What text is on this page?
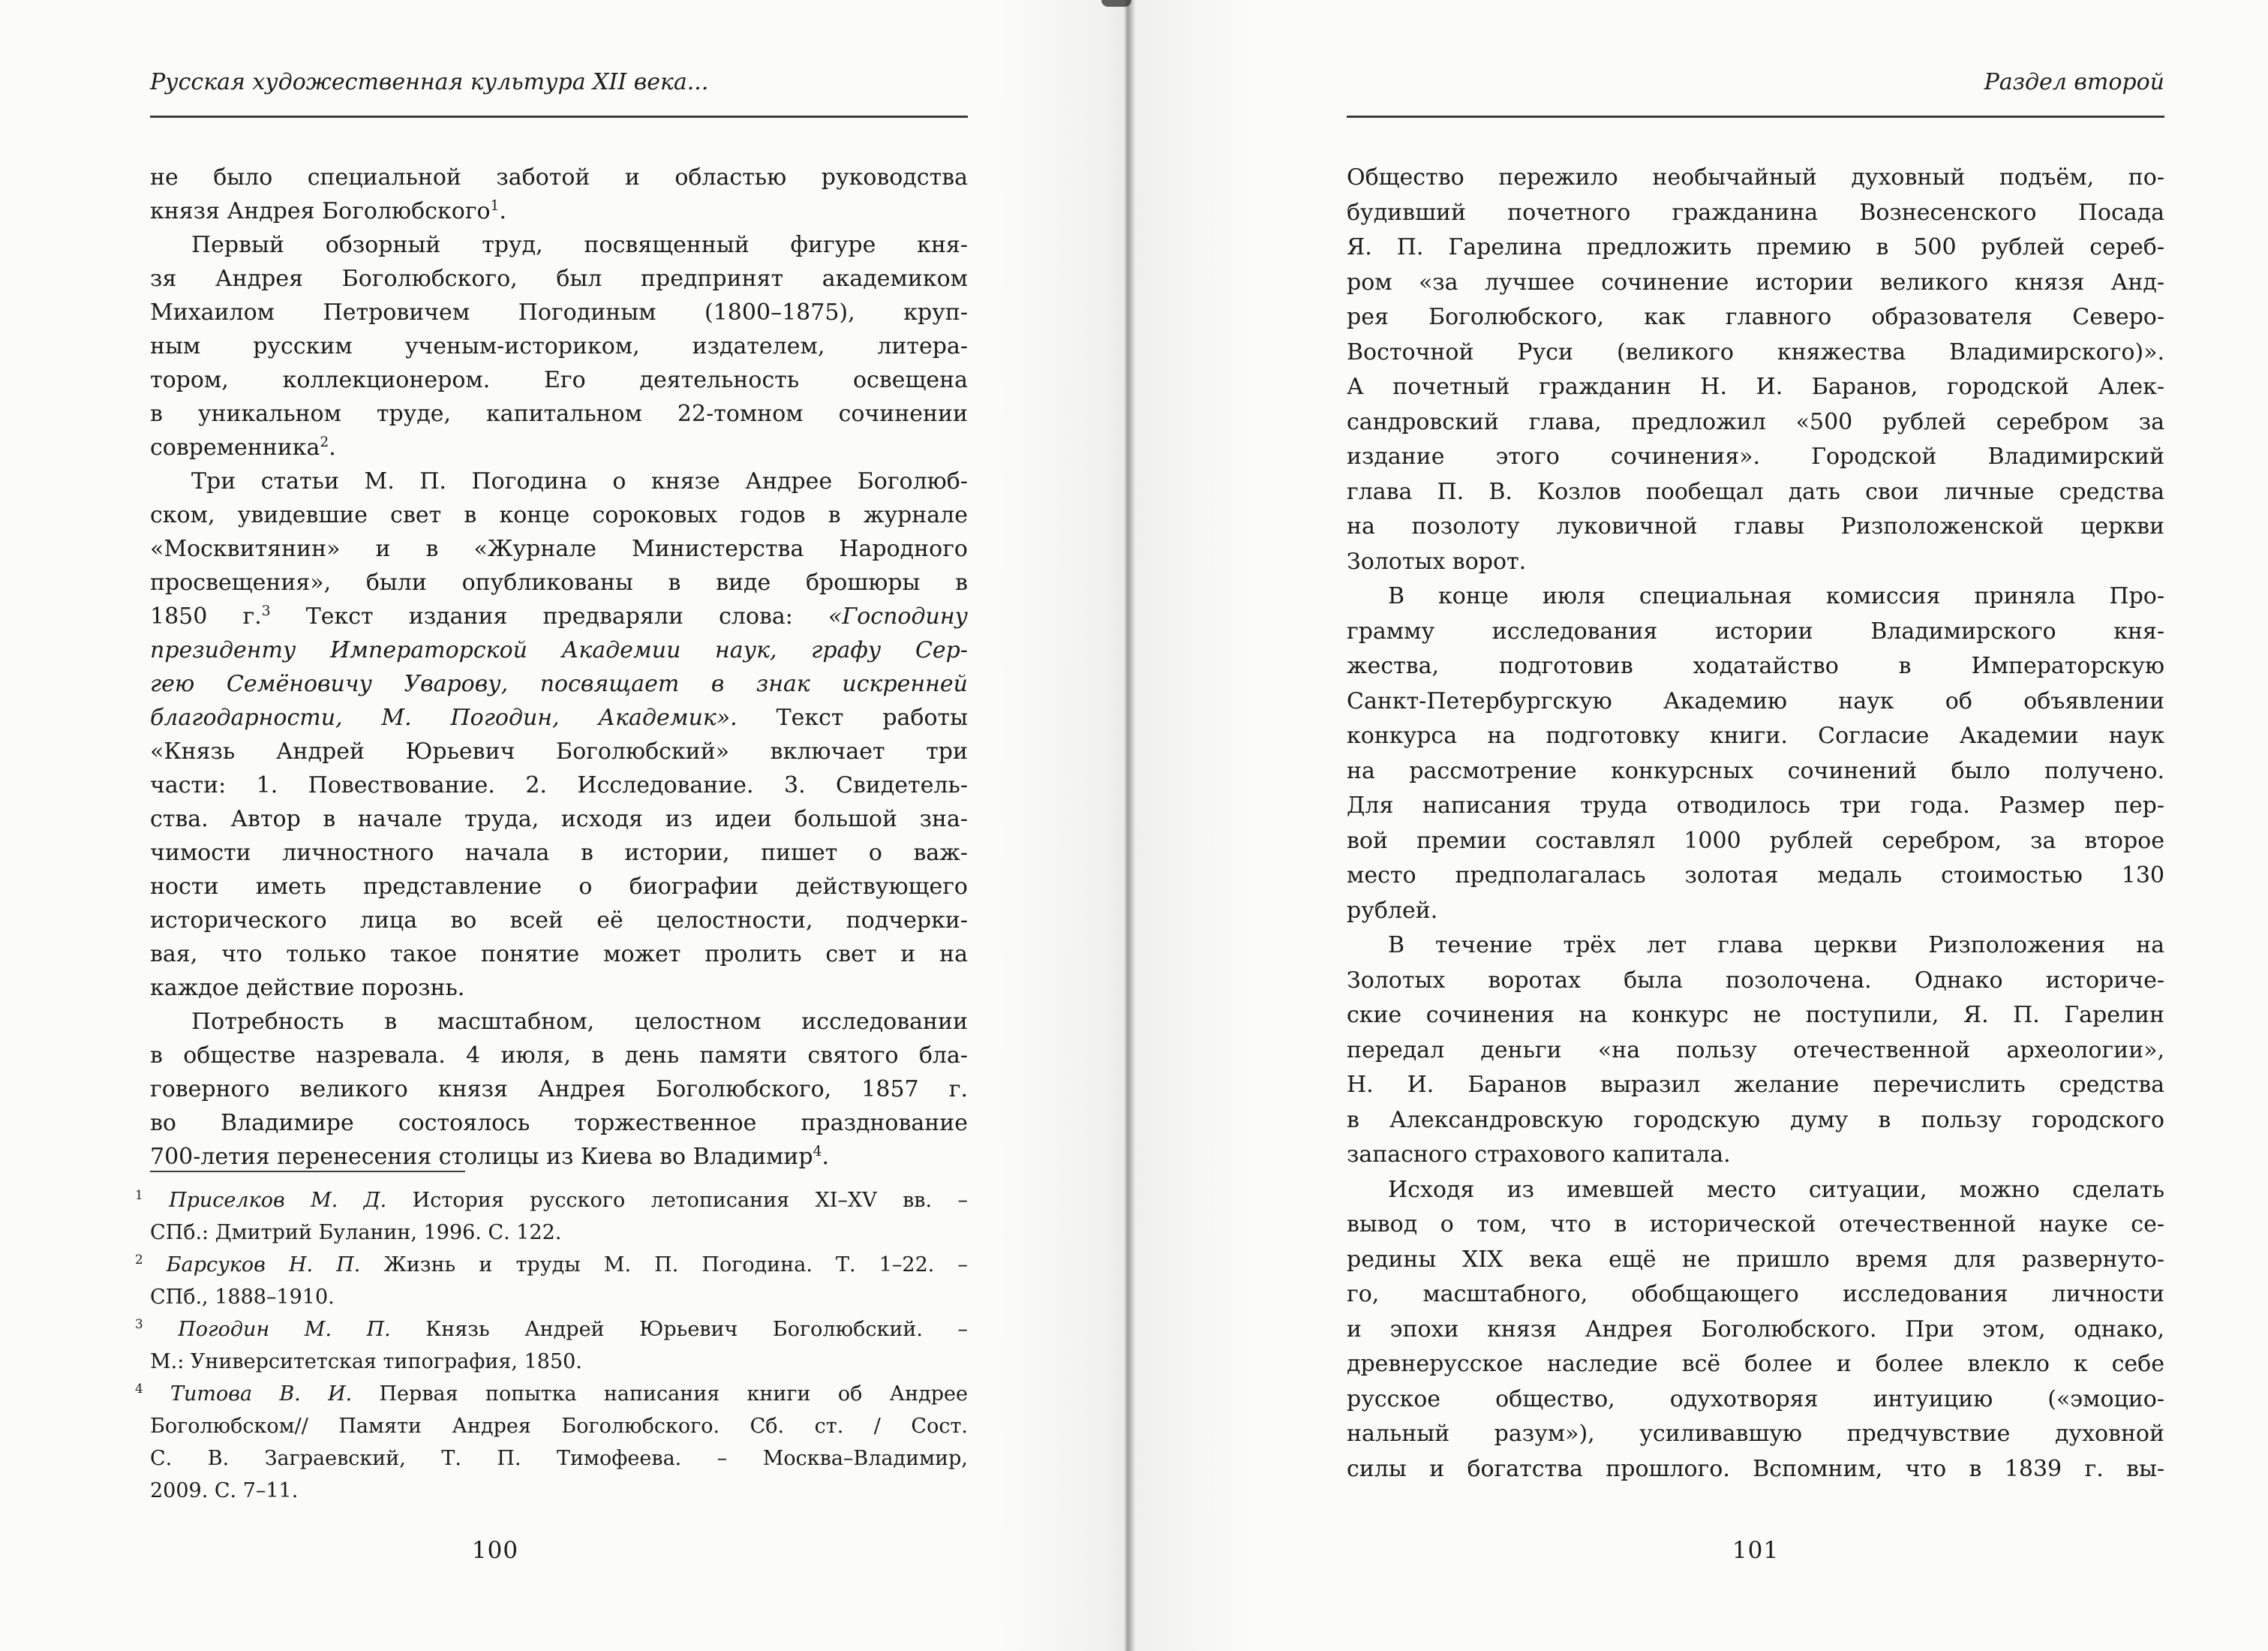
Русская художественная культура XII века...
не было специальной заботой и областью руководства
князя Андрея Боголюбского$^1$.
Первый обзорный труд, посвященный фигуре кня-
зя Андрея Боголюбского, был предпринят академиком
Михаилом Петровичем Погодиным (1800–1875), круп-
ным русским ученым-историком, издателем, литера-
тором, коллекционером. Его деятельность освещена
в уникальном труде, капитальном 22-томном сочинении
современника$^2$.
Три статьи М. П. Погодина о князе Андрее Боголюб-
ском, увидевшие свет в конце сороковых годов в журнале
«Москвитянин» и в «Журнале Министерства Народного
просвещения», были опубликованы в виде брошюры в
1850 г.$^3$ Текст издания предваряли слова: «Господину
президенту Императорской Академии наук, графу Сер-
гею Семёновичу Уварову, посвящает в знак искренней
благодарности, М. Погодин, Академик». Текст работы
«Князь Андрей Юрьевич Боголюбский» включает три
части: 1. Повествование. 2. Исследование. 3. Свидетель-
ства. Автор в начале труда, исходя из идеи большой зна-
чимости личностного начала в истории, пишет о важ-
ности иметь представление о биографии действующего
исторического лица во всей её целостности, подчерки-
вая, что только такое понятие может пролить свет и на
каждое действие порознь.
Потребность в масштабном, целостном исследовании
в обществе назревала. 4 июля, в день памяти святого бла-
говерного великого князя Андрея Боголюбского, 1857 г.
во Владимире состоялось торжественное празднование
700-летия перенесения столицы из Киева во Владимир$^4$.
$^1$ Приселков М. Д. История русского летописания XI–XV вв. –
СПб.: Дмитрий Буланин, 1996. С. 122.
$^2$ Барсуков Н. П. Жизнь и труды М. П. Погодина. Т. 1–22. –
СПб., 1888–1910.
$^3$ Погодин М. П. Князь Андрей Юрьевич Боголюбский. –
М.: Университетская типография, 1850.
$^4$ Титова В. И. Первая попытка написания книги об Андрее
Боголюбском// Памяти Андрея Боголюбского. Сб. ст. / Сост.
С. В. Заграевский, Т. П. Тимофеева. – Москва–Владимир,
2009. С. 7–11.
100
Раздел второй
Общество пережило необычайный духовный подъём, по-
будивший почетного гражданина Вознесенского Посада
Я. П. Гарелина предложить премию в 500 рублей сереб-
ром «за лучшее сочинение истории великого князя Анд-
рея Боголюбского, как главного образователя Северо-
Восточной Руси (великого княжества Владимирского)».
А почетный гражданин Н. И. Баранов, городской Алек-
сандровский глава, предложил «500 рублей серебром за
издание этого сочинения». Городской Владимирский
глава П. В. Козлов пообещал дать свои личные средства
на позолоту луковичной главы Ризположенской церкви
Золотых ворот.
В конце июля специальная комиссия приняла Про-
грамму исследования истории Владимирского кня-
жества, подготовив ходатайство в Императорскую
Санкт-Петербургскую Академию наук об объявлении
конкурса на подготовку книги. Согласие Академии наук
на рассмотрение конкурсных сочинений было получено.
Для написания труда отводилось три года. Размер пер-
вой премии составлял 1000 рублей серебром, за второе
место предполагалась золотая медаль стоимостью 130
рублей.
В течение трёх лет глава церкви Ризположения на
Золотых воротах была позолочена. Однако историче-
ские сочинения на конкурс не поступили, Я. П. Гарелин
передал деньги «на пользу отечественной археологии»,
Н. И. Баранов выразил желание перечислить средства
в Александровскую городскую думу в пользу городского
запасного страхового капитала.
Исходя из имевшей место ситуации, можно сделать
вывод о том, что в исторической отечественной науке се-
редины XIX века ещё не пришло время для развернуто-
го, масштабного, обобщающего исследования личности
и эпохи князя Андрея Боголюбского. При этом, однако,
древнерусское наследие всё более и более влекло к себе
русское общество, одухотворяя интуицию («эмоцио-
нальный разум»), усиливавшую предчувствие духовной
силы и богатства прошлого. Вспомним, что в 1839 г. вы-
101
